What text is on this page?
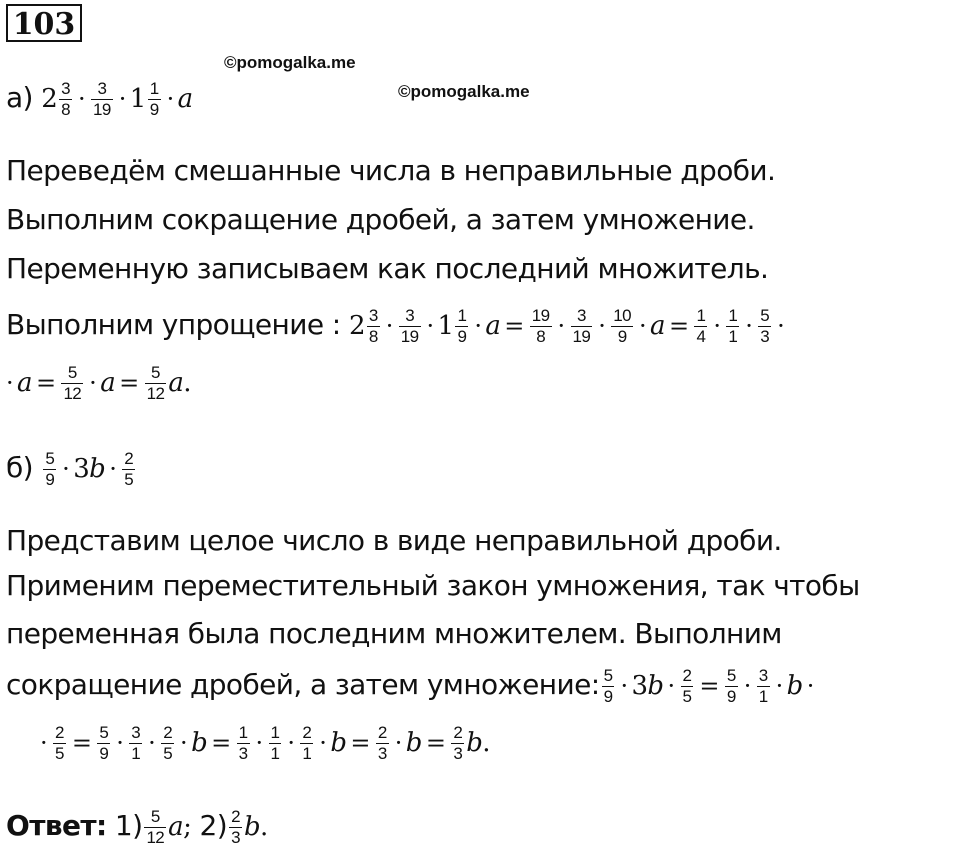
103
©pomogalka.me
©pomogalka.me
а) $2 \frac{3}{8} \cdot \frac{3}{19} \cdot 1 \frac{1}{9} \cdot a$
Переведём смешанные числа в неправильные дроби.
Выполним сокращение дробей, а затем умножение.
Переменную записываем как последний множитель.
Выполним упрощение : $2 \frac{3}{8} \cdot \frac{3}{19} \cdot 1 \frac{1}{9} \cdot a = \frac{19}{8} \cdot \frac{3}{19} \cdot \frac{10}{9} \cdot a = \frac{1}{4} \cdot \frac{1}{1} \cdot \frac{5}{3}$ ·
· $a = \frac{5}{12} \cdot a = \frac{5}{12} a$.
$б) \frac{5}{9} \cdot 3b \cdot \frac{2}{5}$
Представим целое число в виде неправильной дроби.
Применим переместительный закон умножения, так чтобы
переменная была последним множителем. Выполним
сокращение дробей, а затем умножение: $\frac{5}{9} \cdot 3b \cdot \frac{2}{5} = \frac{5}{9} \cdot \frac{3}{1} \cdot b$ ·
· $\frac{2}{5} = \frac{5}{9} \cdot \frac{3}{1} \cdot \frac{2}{5} \cdot b = \frac{1}{3} \cdot \frac{1}{1} \cdot \frac{2}{1} \cdot b = \frac{2}{3} \cdot b = \frac{2}{3} b$.
Ответ: $1) \frac{5}{12} a$; $2) \frac{2}{3} b$.
